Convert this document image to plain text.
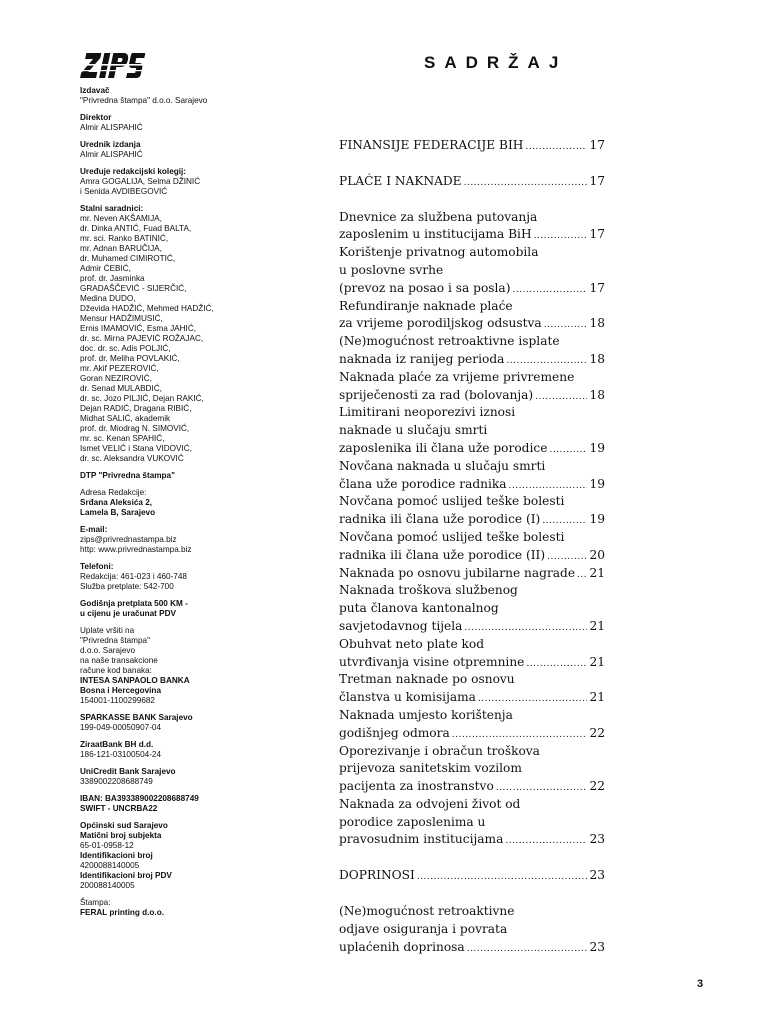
Izdavač
"Privredna štampa" d.o.o. Sarajevo
Direktor
Almir ALISPAHIĆ
Urednik izdanja
Almir ALISPAHIĆ
Uređuje redakcijski kolegij:
Amra GOGALIJA, Selma DŽINIĆ
i Senida AVDIBEGOVIĆ
Stalni saradnici:
mr. Neven AKŠAMIJA,
dr. Dinka ANTIĆ, Fuad BALTA,
mr. sci. Ranko BATINIĆ,
mr. Adnan BARUČIJA,
dr. Muhamed CIMIROTIĆ,
Admir ĆEBIĆ,
prof. dr. Jasminka
GRADAŠČEVIĆ - SIJERČIĆ,
Medina DUDO,
Dževida HADŽIĆ, Mehmed HADŽIĆ,
Mensur HADŽIMUSIĆ,
Ernis IMAMOVIĆ, Esma JAHIĆ,
dr. sc. Mirna PAJEVIĆ ROŽAJAC,
doc. dr. sc. Adis POLJIĆ,
prof. dr. Meliha POVLAKIĆ,
mr. Akif PEZEROVIĆ,
Goran NEZIROVIĆ,
dr. Senad MULABDIĆ,
dr. sc. Jozo PILJIĆ, Dejan RAKIĆ,
Dejan RADIĆ, Dragana RIBIĆ,
Midhat SALIĆ, akademik
prof. dr. Miodrag N. SIMOVIĆ,
mr. sc. Kenan SPAHIĆ,
Ismet VELIĆ i Stana VIDOVIĆ,
dr. sc. Aleksandra VUKOVIĆ
DTP "Privredna štampa"
Adresa Redakcije:
Srđana Aleksića 2,
Lamela B, Sarajevo
E-mail:
zips@privrednastampa.biz
http: www.privrednastampa.biz
Telefoni:
Redakcija: 461-023 i 460-748
Služba pretplate: 542-700
Godišnja pretplata 500 KM -
u cijenu je uračunat PDV
Uplate vršiti na
"Privredna štampa"
d.o.o. Sarajevo
na naše transakcione
račune kod banaka:
INTESA SANPAOLO BANKA
Bosna i Hercegovina
154001-1100299682
SPARKASSE BANK Sarajevo
199-049-00050907-04
ZiraatBank BH d.d.
186-121-03100504-24
UniCredit Bank Sarajevo
3389002208688749
IBAN: BA393389002208688749
SWIFT - UNCRBA22
Općinski sud Sarajevo
Matični broj subjekta
65-01-0958-12
Identifikacioni broj
4200088140005
Identifikacioni broj PDV
200088140005
Štampa:
FERAL printing d.o.o.
SADRŽAJ
FINANSIJE FEDERACIJE BIH .....	17
PLAĆE I NAKNADE .....	17
Dnevnice za službena putovanja
zaposlenim u institucijama BiH .....	17
Korištenje privatnog automobila
u poslovne svrhe
(prevoz na posao i sa posla) .....	17
Refundiranje naknade plaće
za vrijeme porodiljskog odsustva .....	18
(Ne)mogućnost retroaktivne isplate
naknada iz ranijeg perioda .....	18
Naknada plaće za vrijeme privremene
spriječenosti za rad (bolovanja) .....	18
Limitirani neoporezivi iznosi
naknade u slučaju smrti
zaposlenika ili člana uže porodice .....	19
Novčana naknada u slučaju smrti
člana uže porodice radnika .....	19
Novčana pomoć uslijed teške bolesti
radnika ili člana uže porodice (I) .....	19
Novčana pomoć uslijed teške bolesti
radnika ili člana uže porodice (II) .....	20
Naknada po osnovu jubilarne nagrade ..... 21
Naknada troškova službenog
puta članova kantonalnog
savjetodavnog tijela .....	21
Obuhvat neto plate kod
utvrđivanja visine otpremnine .....	21
Tretman naknade po osnovu
članstva u komisijama .....	21
Naknada umjesto korištenja
godišnjeg odmora .....	22
Oporezivanje i obračun troškova
prijevoza sanitetskim vozilom
pacijenta za inostranstvo .....	22
Naknada za odvojeni život od
porodice zaposlenima u
pravosudnim institucijama .....	23
DOPRINOSI .....	23
(Ne)mogućnost retroaktivne
odjave osiguranja i povrata
uplaćenih doprinosa .....	23
3
